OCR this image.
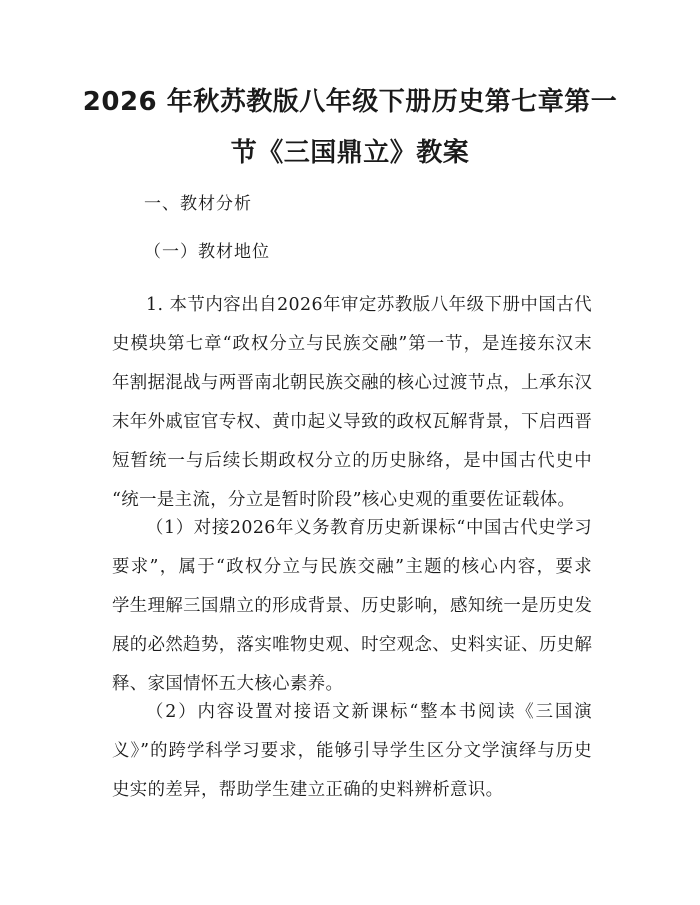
2026 年秋苏教版八年级下册历史第七章第一
节《三国鼎立》教案
一、教材分析
（一）教材地位
1. 本节内容出自2026年审定苏教版八年级下册中国古代
史模块第七章“政权分立与民族交融”第一节，是连接东汉末
年割据混战与两晋南北朝民族交融的核心过渡节点，上承东汉
末年外戚宦官专权、黄巾起义导致的政权瓦解背景，下启西晋
短暂统一与后续长期政权分立的历史脉络，是中国古代史中
“统一是主流，分立是暂时阶段”核心史观的重要佐证载体。
（1）对接2026年义务教育历史新课标“中国古代史学习
要求”，属于“政权分立与民族交融”主题的核心内容，要求
学生理解三国鼎立的形成背景、历史影响，感知统一是历史发
展的必然趋势，落实唯物史观、时空观念、史料实证、历史解
释、家国情怀五大核心素养。
（2）内容设置对接语文新课标“整本书阅读《三国演
义》”的跨学科学习要求，能够引导学生区分文学演绎与历史
史实的差异，帮助学生建立正确的史料辨析意识。
